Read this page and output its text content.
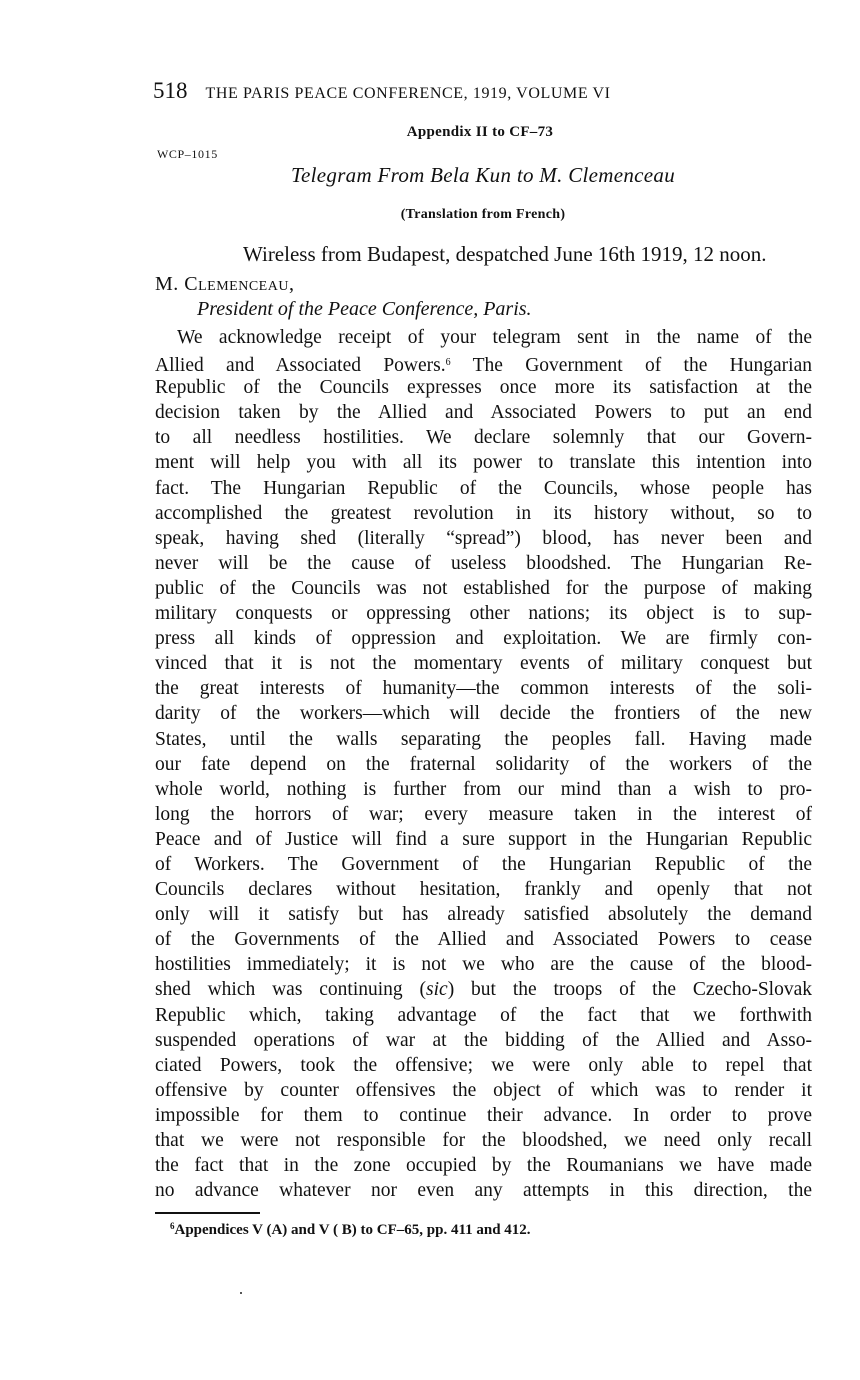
518 THE PARIS PEACE CONFERENCE, 1919, VOLUME VI
Appendix II to CF–73
WCP–1015
Telegram From Bela Kun to M. Clemenceau
(Translation from French)
Wireless from Budapest, despatched June 16th 1919, 12 noon.
M. Clemenceau,
President of the Peace Conference, Paris.
We acknowledge receipt of your telegram sent in the name of the
Allied and Associated Powers.$^6$ The Government of the Hungarian
Republic of the Councils expresses once more its satisfaction at the
decision taken by the Allied and Associated Powers to put an end
to all needless hostilities. We declare solemnly that our Govern-
ment will help you with all its power to translate this intention into
fact. The Hungarian Republic of the Councils, whose people has
accomplished the greatest revolution in its history without, so to
speak, having shed (literally “spread”) blood, has never been and
never will be the cause of useless bloodshed. The Hungarian Re-
public of the Councils was not established for the purpose of making
military conquests or oppressing other nations; its object is to sup-
press all kinds of oppression and exploitation. We are firmly con-
vinced that it is not the momentary events of military conquest but
the great interests of humanity—the common interests of the soli-
darity of the workers—which will decide the frontiers of the new
States, until the walls separating the peoples fall. Having made
our fate depend on the fraternal solidarity of the workers of the
whole world, nothing is further from our mind than a wish to pro-
long the horrors of war; every measure taken in the interest of
Peace and of Justice will find a sure support in the Hungarian Republic
of Workers. The Government of the Hungarian Republic of the
Councils declares without hesitation, frankly and openly that not
only will it satisfy but has already satisfied absolutely the demand
of the Governments of the Allied and Associated Powers to cease
hostilities immediately; it is not we who are the cause of the blood-
shed which was continuing (sic) but the troops of the Czecho-Slovak
Republic which, taking advantage of the fact that we forthwith
suspended operations of war at the bidding of the Allied and Asso-
ciated Powers, took the offensive; we were only able to repel that
offensive by counter offensives the object of which was to render it
impossible for them to continue their advance. In order to prove
that we were not responsible for the bloodshed, we need only recall
the fact that in the zone occupied by the Roumanians we have made
no advance whatever nor even any attempts in this direction, the
$^6$Appendices V (A) and V ( B) to CF–65, pp. 411 and 412.
